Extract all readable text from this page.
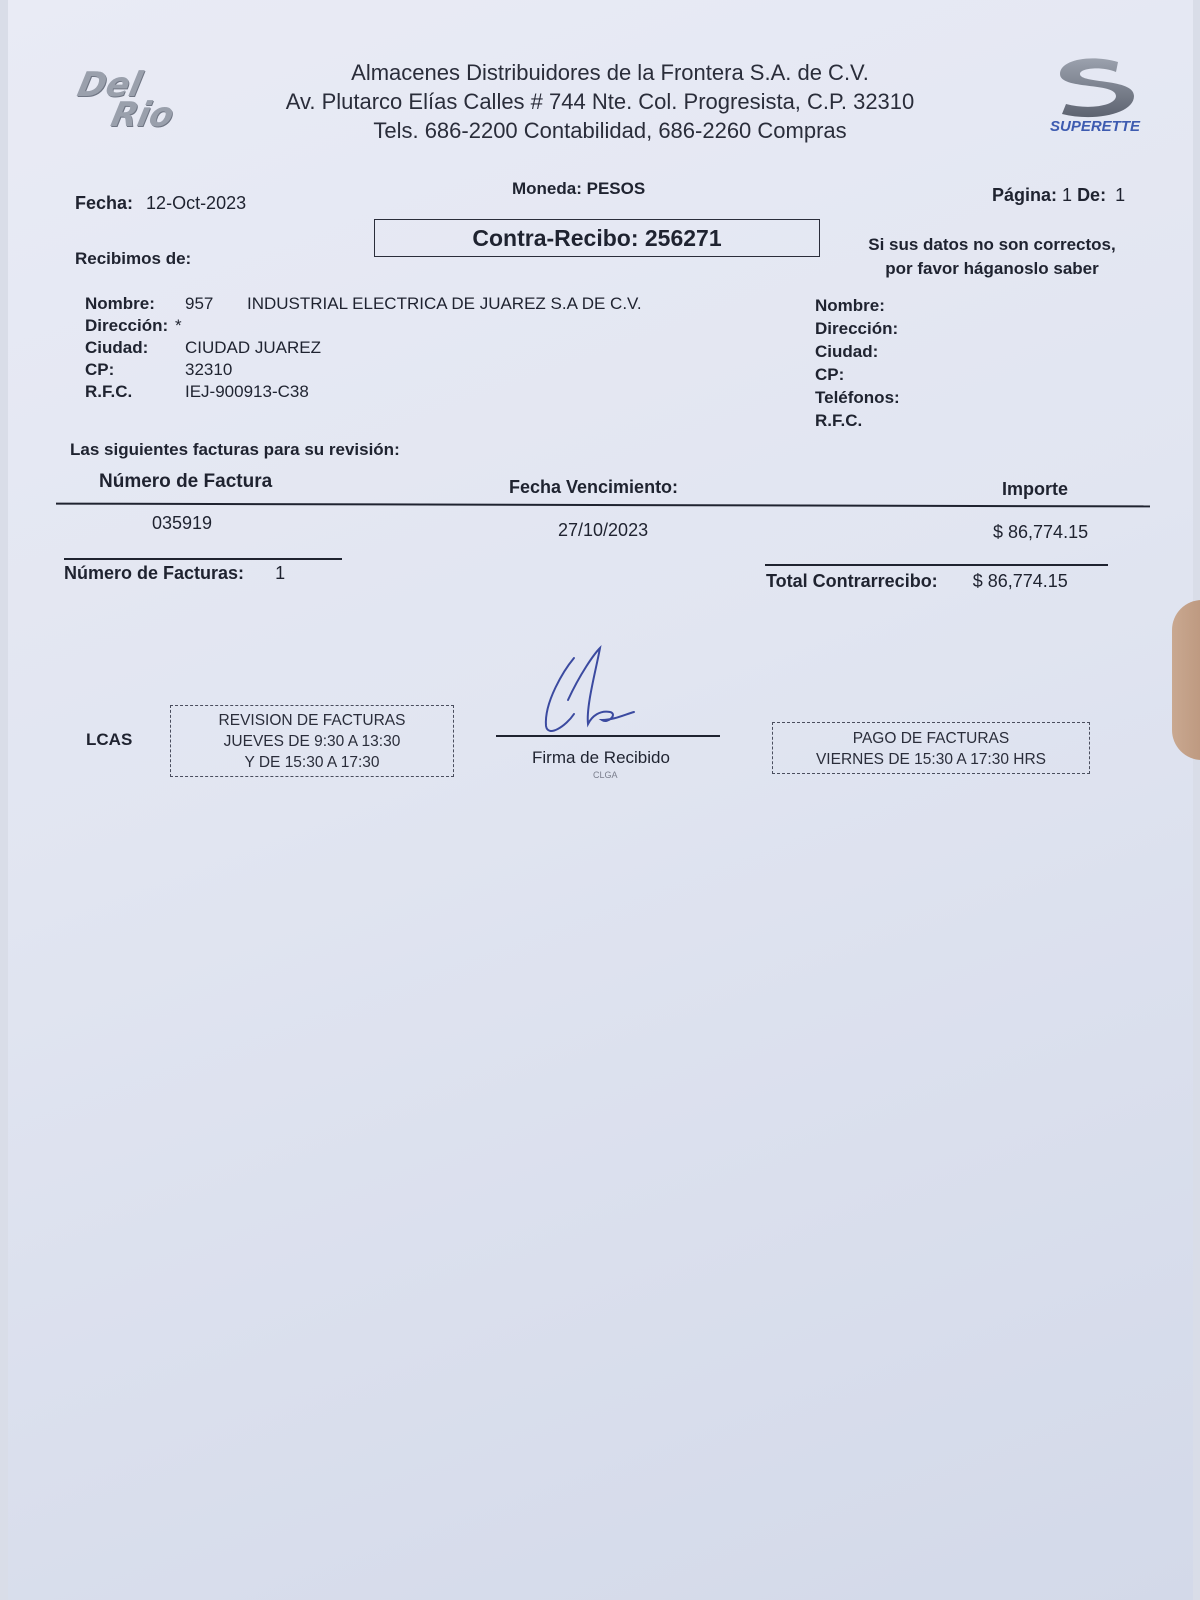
Del
Rio	SUPERETTE
Almacenes Distribuidores de la Frontera S.A. de C.V.
Av. Plutarco Elías Calles # 744 Nte. Col. Progresista, C.P. 32310
Tels. 686-2200 Contabilidad, 686-2260 Compras
Fecha: 12-Oct-2023
Moneda: PESOS	Página: 1 De: 1
Contra-Recibo: 256271
Recibimos de:
Si sus datos no son correctos,
por favor háganoslo saber
Nombre:	957	INDUSTRIAL ELECTRICA DE JUAREZ S.A DE C.V.
Dirección: *
Ciudad:	CIUDAD JUAREZ
CP:	32310
R.F.C.	IEJ-900913-C38
Nombre:
Dirección:
Ciudad:
CP:
Teléfonos:
R.F.C.
Las siguientes facturas para su revisión:
Número de Factura	Fecha Vencimiento:	Importe
035919	27/10/2023	$ 86,774.15
Número de Facturas: 1	Total Contrarrecibo: $ 86,774.15
LCAS
REVISION DE FACTURAS
JUEVES DE 9:30 A 13:30
Y DE 15:30 A 17:30	Firma de Recibido
CLGA
PAGO DE FACTURAS
VIERNES DE 15:30 A 17:30 HRS
